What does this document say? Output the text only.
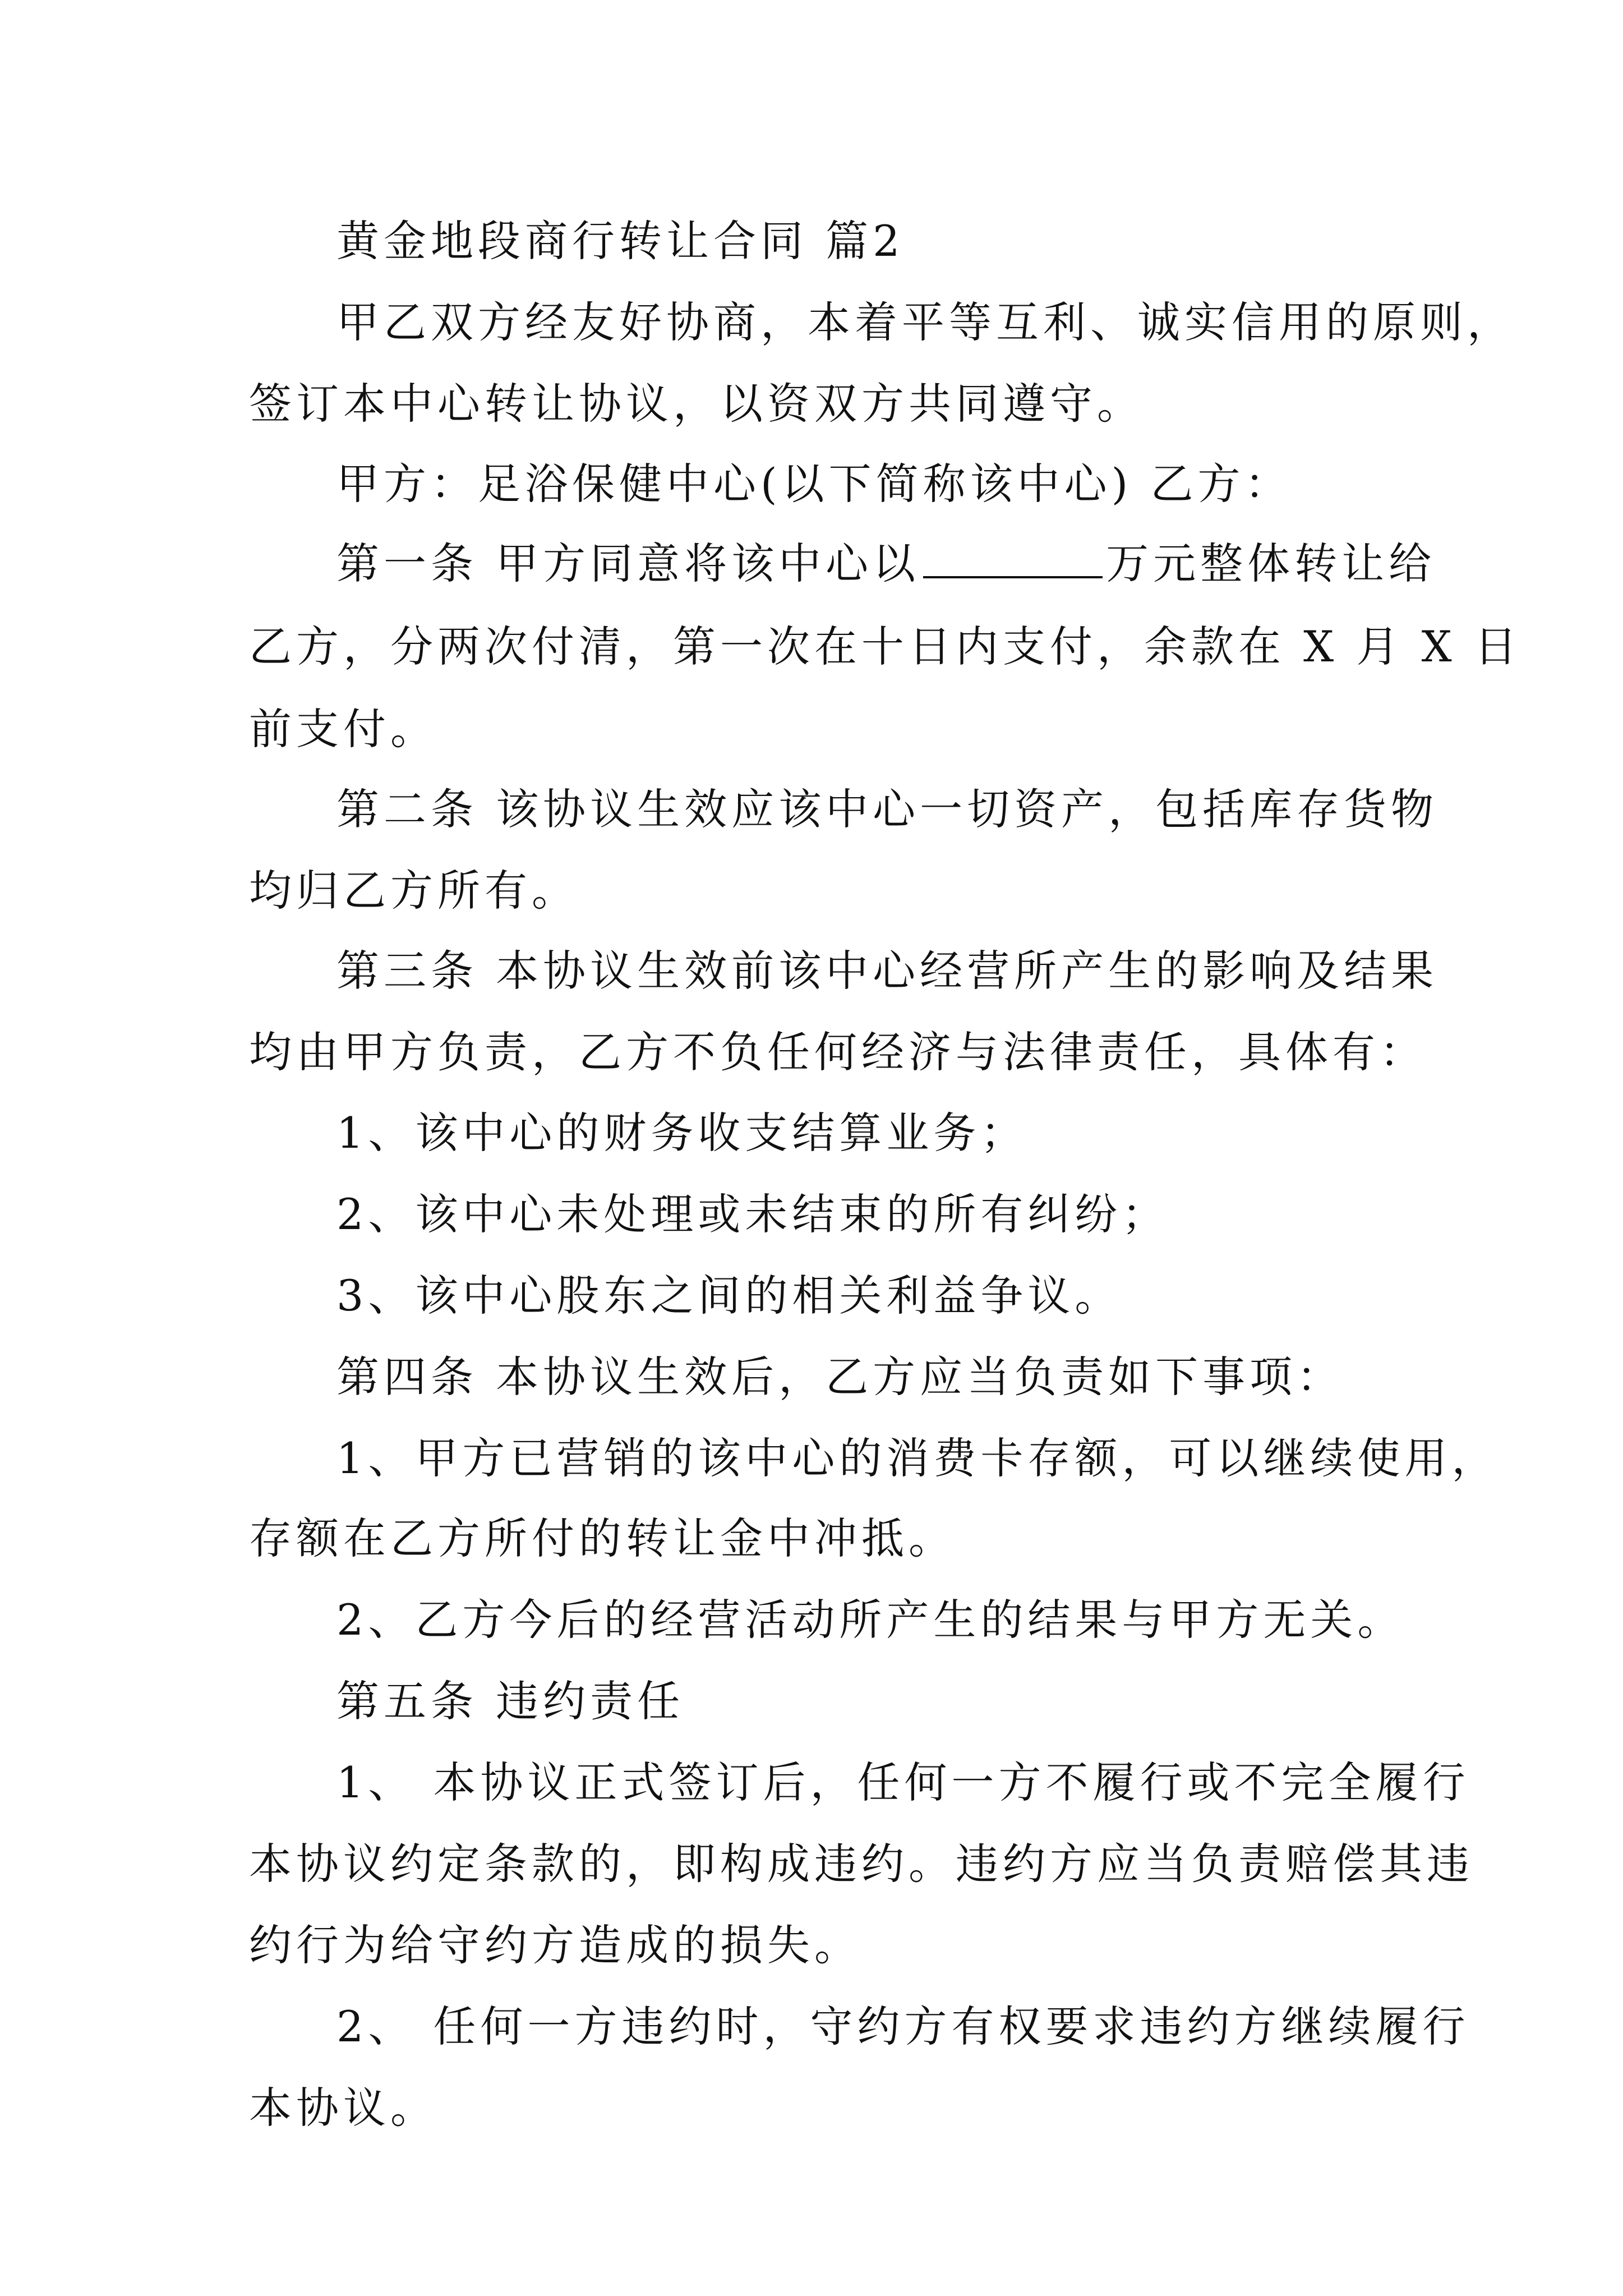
黄金地段商行转让合同 篇2
甲乙双方经友好协商，本着平等互利、诚实信用的原则，
签订本中心转让协议，以资双方共同遵守。
甲方：足浴保健中心(以下简称该中心) 乙方：
第一条 甲方同意将该中心以	万元整体转让给
乙方，分两次付清，第一次在十日内支付，余款在 X 月 X 日
前支付。
第二条 该协议生效应该中心一切资产，包括库存货物
均归乙方所有。
第三条 本协议生效前该中心经营所产生的影响及结果
均由甲方负责，乙方不负任何经济与法律责任，具体有：
1、该中心的财务收支结算业务；
2、该中心未处理或未结束的所有纠纷；
3、该中心股东之间的相关利益争议。
第四条 本协议生效后，乙方应当负责如下事项：
1、甲方已营销的该中心的消费卡存额，可以继续使用，
存额在乙方所付的转让金中冲抵。
2、乙方今后的经营活动所产生的结果与甲方无关。
第五条 违约责任
1、 本协议正式签订后，任何一方不履行或不完全履行
本协议约定条款的，即构成违约。违约方应当负责赔偿其违
约行为给守约方造成的损失。
2、 任何一方违约时，守约方有权要求违约方继续履行
本协议。
